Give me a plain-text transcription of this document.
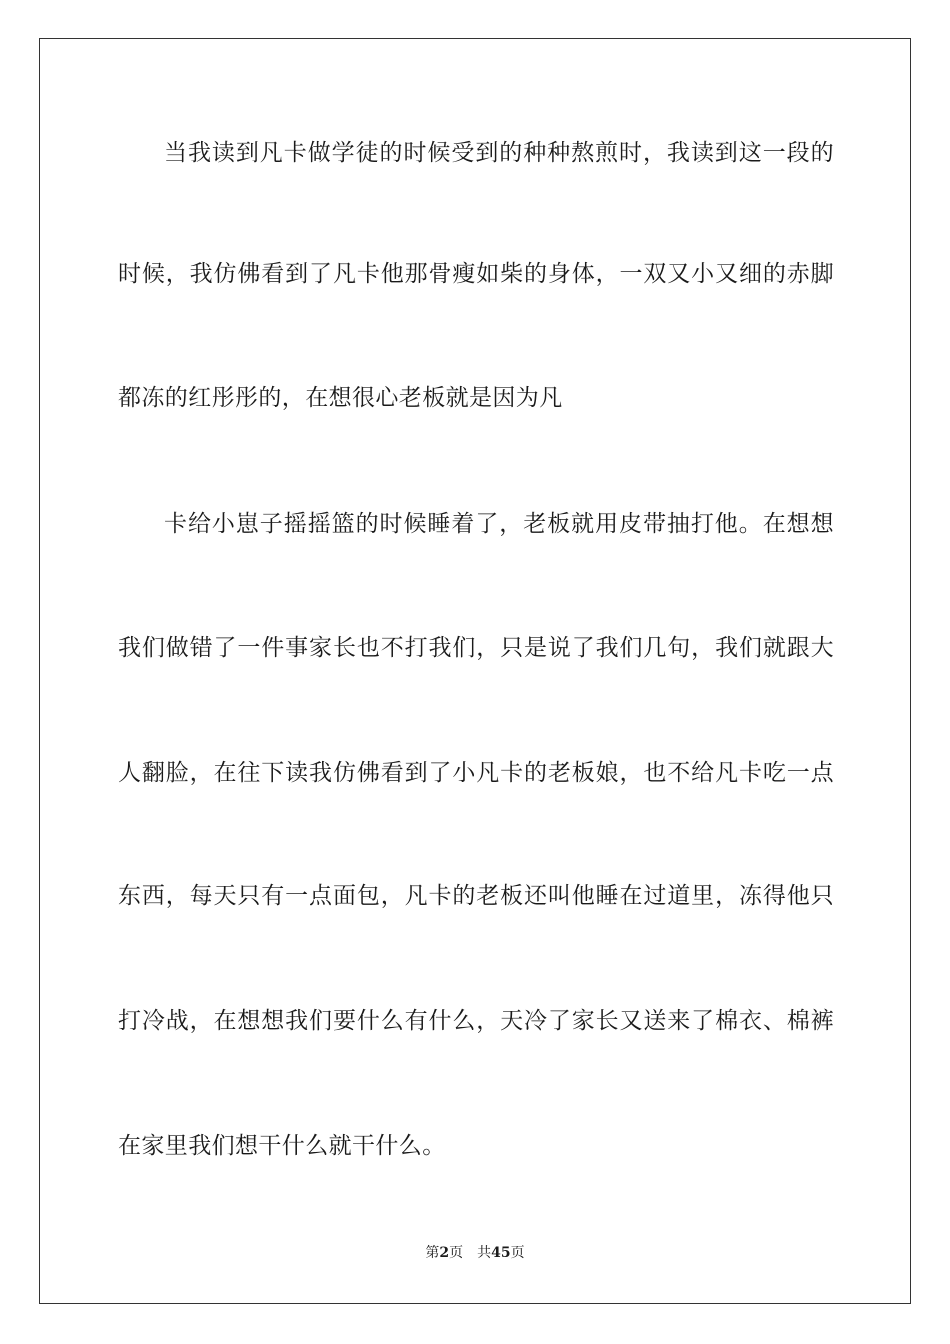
当我读到凡卡做学徒的时候受到的种种熬煎时，我读到这一段的
时候，我仿佛看到了凡卡他那骨瘦如柴的身体，一双又小又细的赤脚
都冻的红彤彤的，在想很心老板就是因为凡
卡给小崽子摇摇篮的时候睡着了，老板就用皮带抽打他。在想想
我们做错了一件事家长也不打我们，只是说了我们几句，我们就跟大
人翻脸，在往下读我仿佛看到了小凡卡的老板娘，也不给凡卡吃一点
东西，每天只有一点面包，凡卡的老板还叫他睡在过道里，冻得他只
打冷战，在想想我们要什么有什么，天冷了家长又送来了棉衣、棉裤
在家里我们想干什么就干什么。
第2页 共45页
